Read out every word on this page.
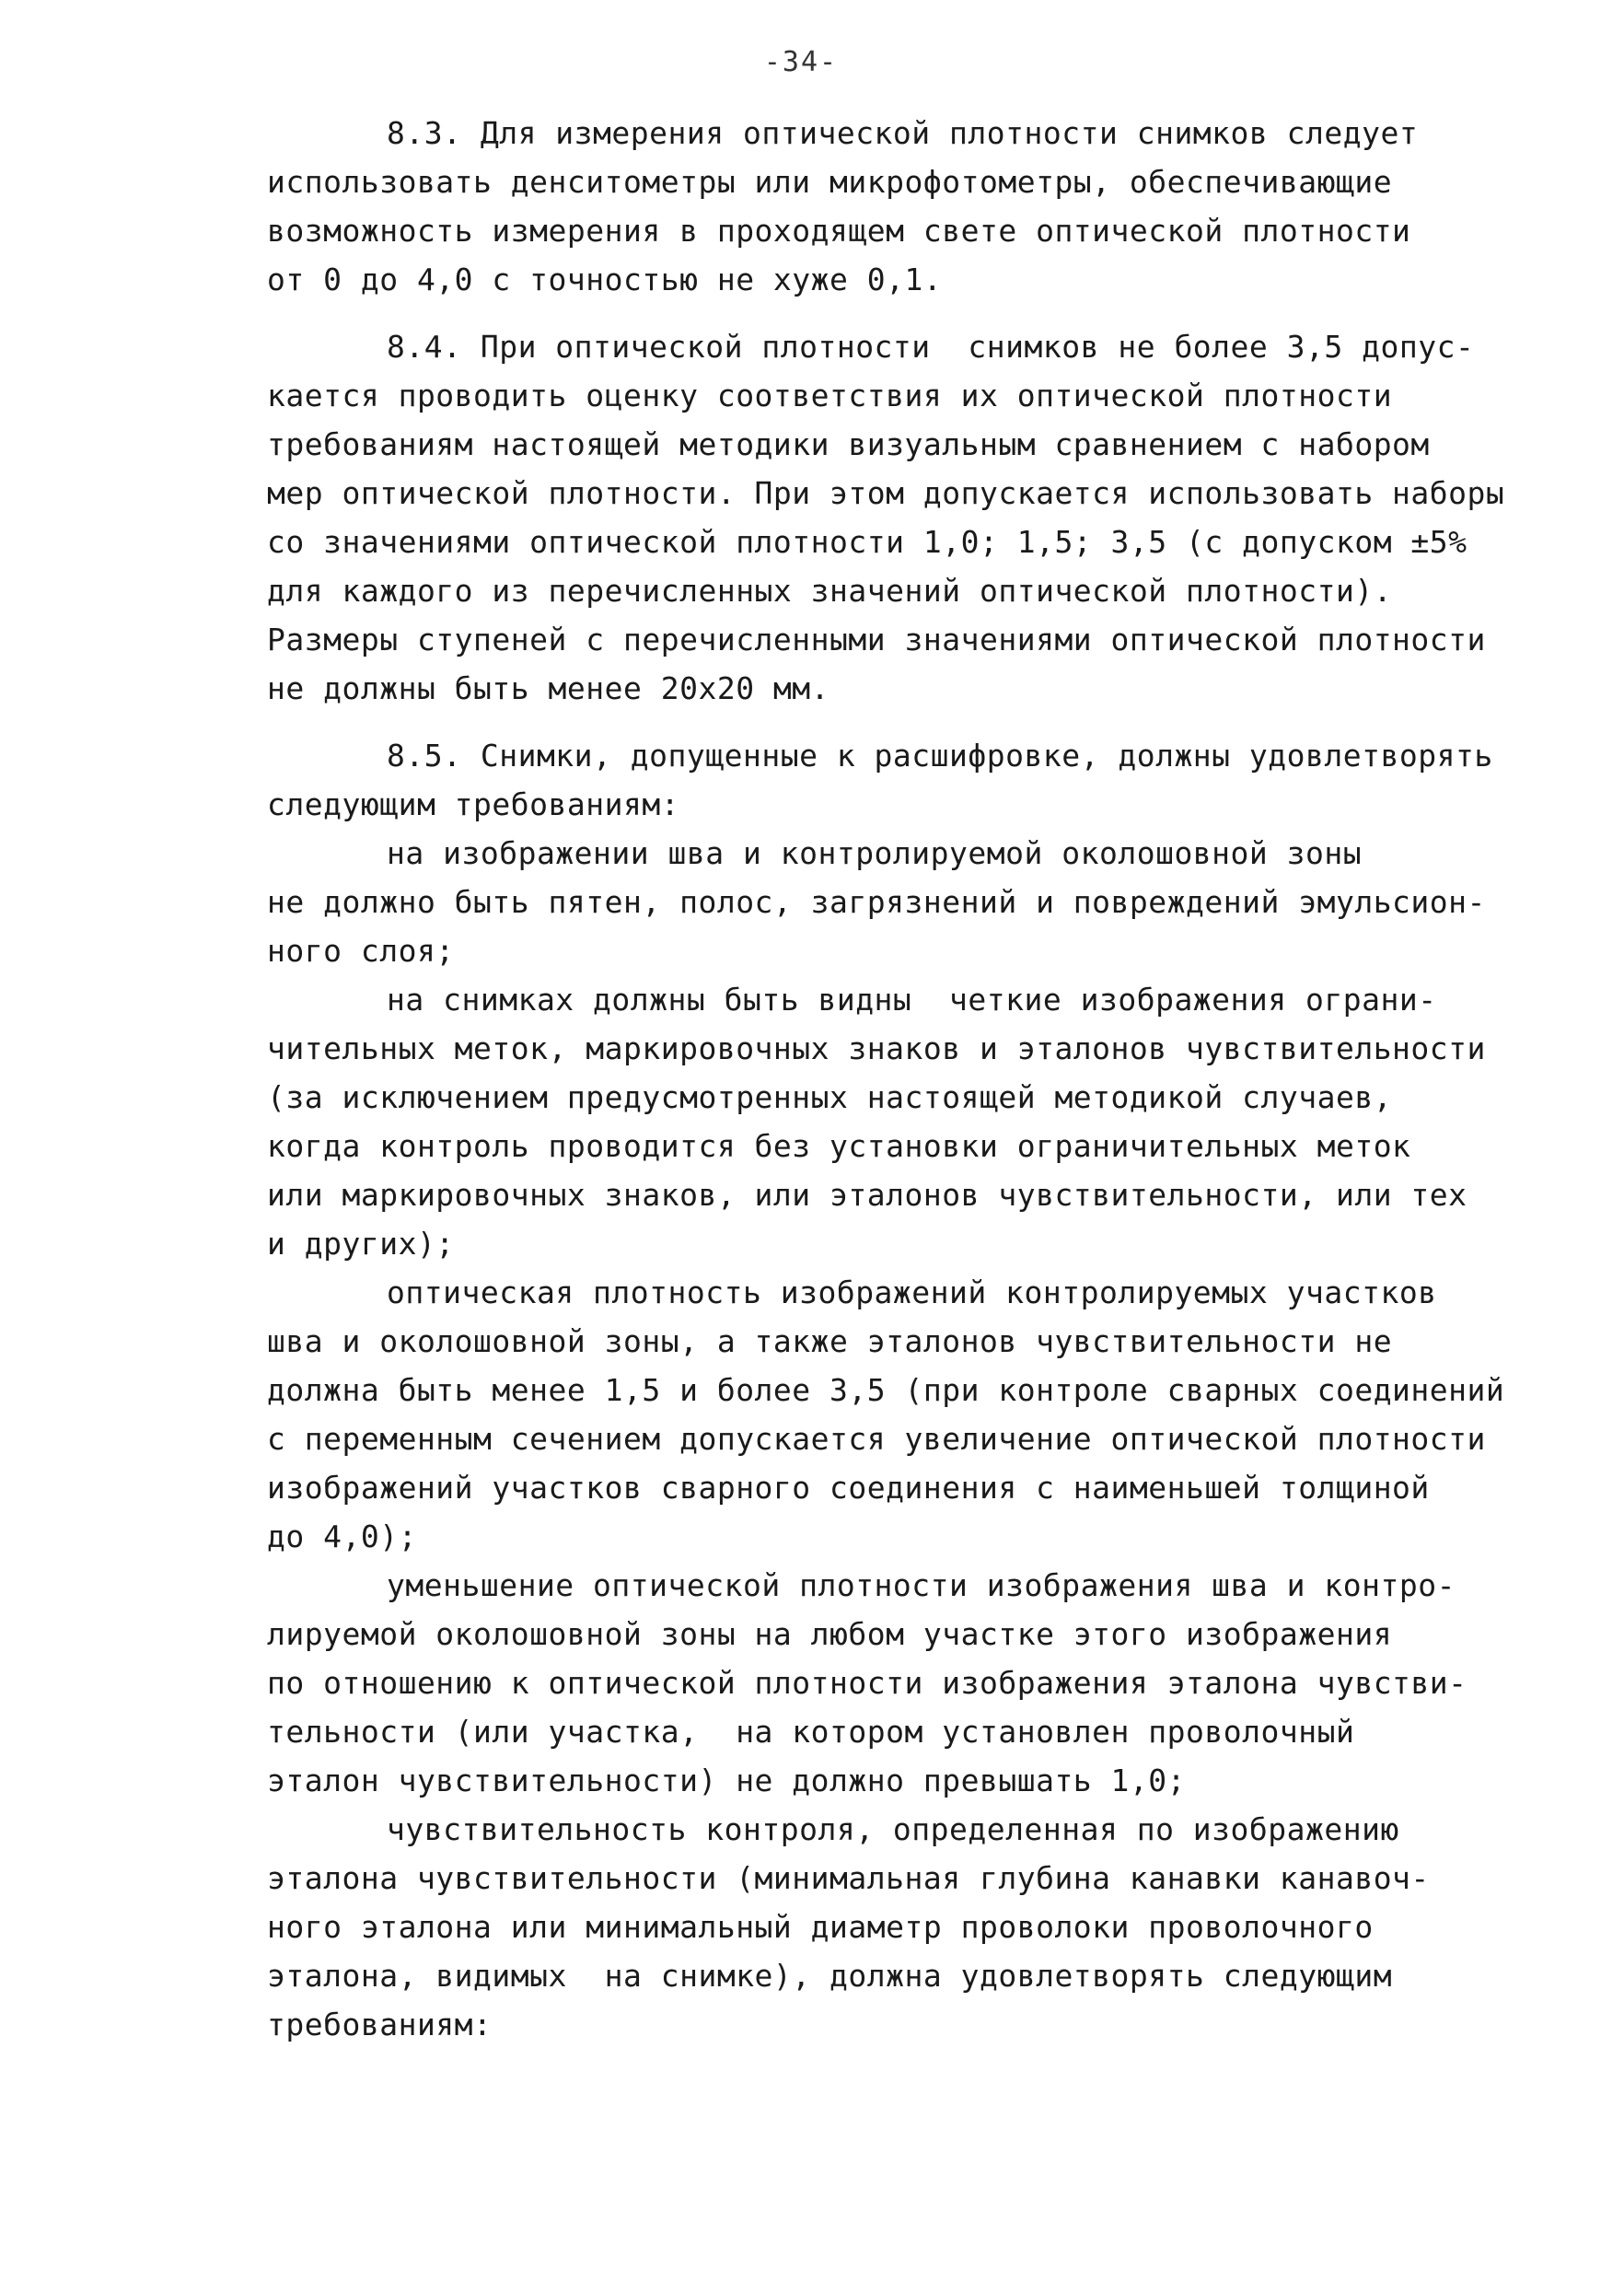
-34-
8.3. Для измерения оптической плотности снимков следует
использовать денситометры или микрофотометры, обеспечивающие
возможность измерения в проходящем свете оптической плотности
от 0 до 4,0 с точностью не хуже 0,1.
8.4. При оптической плотности  снимков не более 3,5 допус-
кается проводить оценку соответствия их оптической плотности
требованиям настоящей методики визуальным сравнением с набором
мер оптической плотности. При этом допускается использовать наборы
со значениями оптической плотности 1,0; 1,5; 3,5 (с допуском ±5%
для каждого из перечисленных значений оптической плотности).
Размеры ступеней с перечисленными значениями оптической плотности
не должны быть менее 20х20 мм.
8.5. Снимки, допущенные к расшифровке, должны удовлетворять
следующим требованиям:
на изображении шва и контролируемой околошовной зоны
не должно быть пятен, полос, загрязнений и повреждений эмульсион-
ного слоя;
на снимках должны быть видны  четкие изображения ограни-
чительных меток, маркировочных знаков и эталонов чувствительности
(за исключением предусмотренных настоящей методикой случаев,
когда контроль проводится без установки ограничительных меток
или маркировочных знаков, или эталонов чувствительности, или тех
и других);
оптическая плотность изображений контролируемых участков
шва и околошовной зоны, а также эталонов чувствительности не
должна быть менее 1,5 и более 3,5 (при контроле сварных соединений
с переменным сечением допускается увеличение оптической плотности
изображений участков сварного соединения с наименьшей толщиной
до 4,0);
уменьшение оптической плотности изображения шва и контро-
лируемой околошовной зоны на любом участке этого изображения
по отношению к оптической плотности изображения эталона чувстви-
тельности (или участка,  на котором установлен проволочный
эталон чувствительности) не должно превышать 1,0;
чувствительность контроля, определенная по изображению
эталона чувствительности (минимальная глубина канавки канавоч-
ного эталона или минимальный диаметр проволоки проволочного
эталона, видимых  на снимке), должна удовлетворять следующим
требованиям:
